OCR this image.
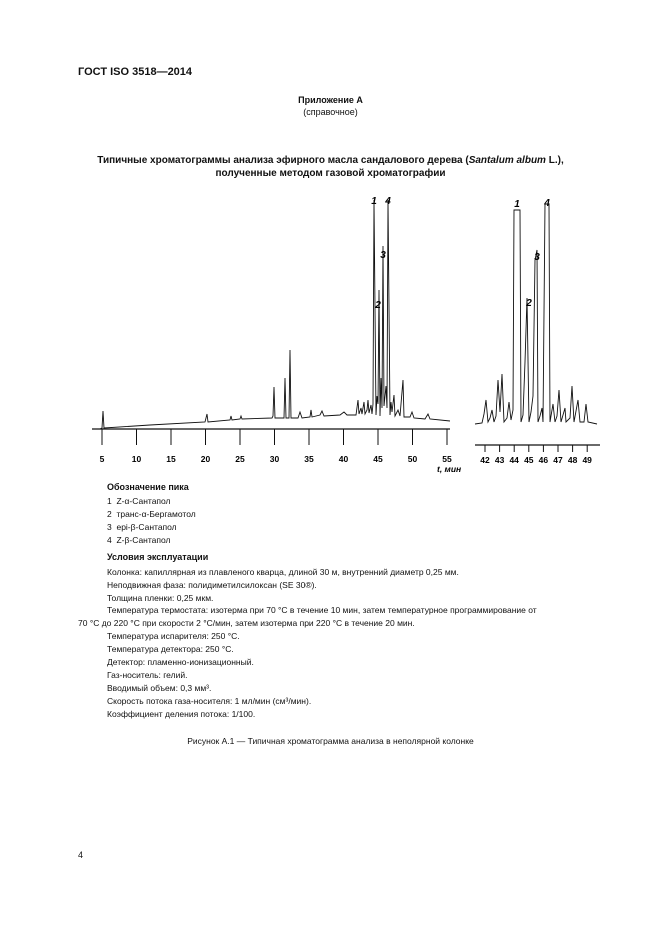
ГОСТ ISO 3518—2014
Приложение А
(справочное)
Типичные хроматограммы анализа эфирного масла сандалового дерева (Santalum album L.),
полученные методом газовой хроматографии
5	10	15	20	25	30	35	40	45	50	55
1 4
3
2
t, мин
42 43 44 45 46 47 48 49
1 4
3
2
Обозначение пика
1 Z-α-Сантапол
2 транс-α-Бергамотол
3 epi-β-Сантапол
4 Z-β-Сантапол
Условия эксплуатации
Колонка: капиллярная из плавленого кварца, длиной 30 м, внутренний диаметр 0,25 мм.
Неподвижная фаза: полидиметилсилоксан (SE 30®).
Толщина пленки: 0,25 мкм.
Температура термостата: изотерма при 70 °С в течение 10 мин, затем температурное программирование от
70 °С до 220 °С при скорости 2 °С/мин, затем изотерма при 220 °С в течение 20 мин.
Температура испарителя: 250 °С.
Температура детектора: 250 °С.
Детектор: пламенно-ионизационный.
Газ-носитель: гелий.
Вводимый объем: 0,3 мм³.
Скорость потока газа-носителя: 1 мл/мин (см³/мин).
Коэффициент деления потока: 1/100.
Рисунок А.1 — Типичная хроматограмма анализа в неполярной колонке
4
